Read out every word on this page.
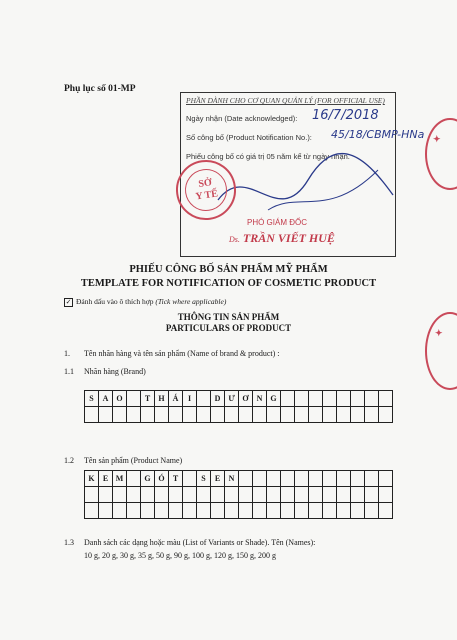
Phụ lục số 01-MP
PHẦN DÀNH CHO CƠ QUAN QUẢN LÝ (FOR OFFICIAL USE)
Ngày nhận (Date acknowledged): 16/7/2018
Số công bố (Product Notification No.): 45/18/CBMP-HNa
Phiếu công bố có giá trị 05 năm kể từ ngày nhận.
SỞ
Y TẾ
PHÓ GIÁM ĐỐC
Ds. TRẦN VIẾT HUỆ
✦
✦
PHIẾU CÔNG BỐ SẢN PHẨM MỸ PHẨM
TEMPLATE FOR NOTIFICATION OF COSMETIC PRODUCT
✓ Đánh dấu vào ô thích hợp (Tick where applicable)
THÔNG TIN SẢN PHẨM
PARTICULARS OF PRODUCT
1. Tên nhãn hàng và tên sản phẩm (Name of brand & product) :
1.1 Nhãn hàng (Brand)
S	A	O		T	H	Á	I		D	Ư	Ơ	N	G								

1.2 Tên sản phẩm (Product Name)
K	E	M		G	Ó	T		S	E	N											

1.3 Danh sách các dạng hoặc màu (List of Variants or Shade). Tên (Names):
10 g, 20 g, 30 g, 35 g, 50 g, 90 g, 100 g, 120 g, 150 g, 200 g
